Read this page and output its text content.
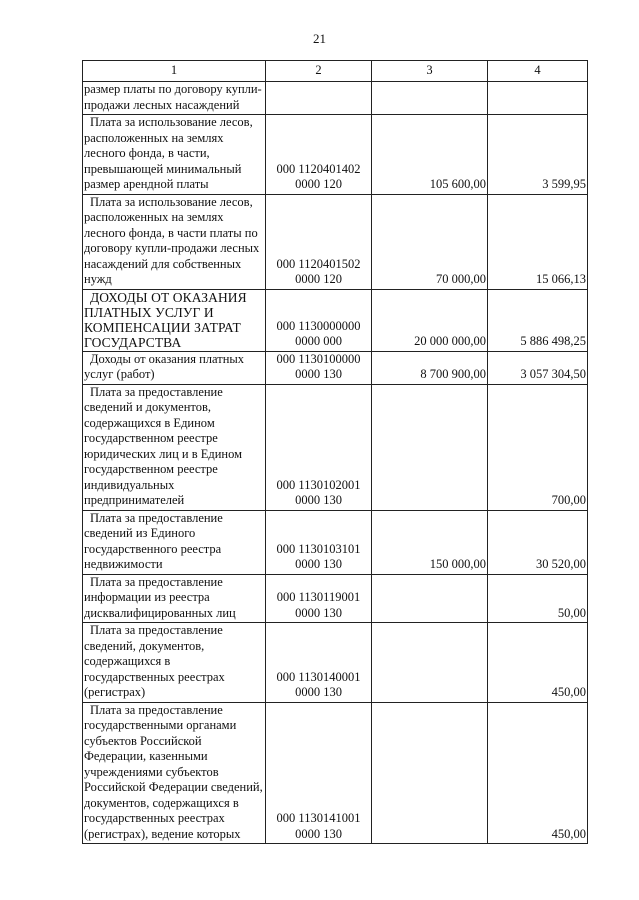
21
1	2	3	4
размер платы по договору купли-продажи лесных насаждений			
Плата за использование лесов, расположенных на землях лесного фонда, в части, превышающей минимальный размер арендной платы	000 1120401402 0000 120	105 600,00	3 599,95
Плата за использование лесов, расположенных на землях лесного фонда, в части платы по договору купли-продажи лесных насаждений для собственных нужд	000 1120401502 0000 120	70 000,00	15 066,13
ДОХОДЫ ОТ ОКАЗАНИЯ ПЛАТНЫХ УСЛУГ И КОМПЕНСАЦИИ ЗАТРАТ ГОСУДАРСТВА	000 1130000000 0000 000	20 000 000,00	5 886 498,25
Доходы от оказания платных услуг (работ)	000 1130100000 0000 130	8 700 900,00	3 057 304,50
Плата за предоставление сведений и документов, содержащихся в Едином государственном реестре юридических лиц и в Едином государственном реестре индивидуальных предпринимателей	000 1130102001 0000 130		700,00
Плата за предоставление сведений из Единого государственного реестра недвижимости	000 1130103101 0000 130	150 000,00	30 520,00
Плата за предоставление информации из реестра дисквалифицированных лиц	000 1130119001 0000 130		50,00
Плата за предоставление сведений, документов, содержащихся в государственных реестрах (регистрах)	000 1130140001 0000 130		450,00
Плата за предоставление государственными органами субъектов Российской Федерации, казенными учреждениями субъектов Российской Федерации сведений, документов, содержащихся в государственных реестрах (регистрах), ведение которых	000 1130141001 0000 130		450,00
